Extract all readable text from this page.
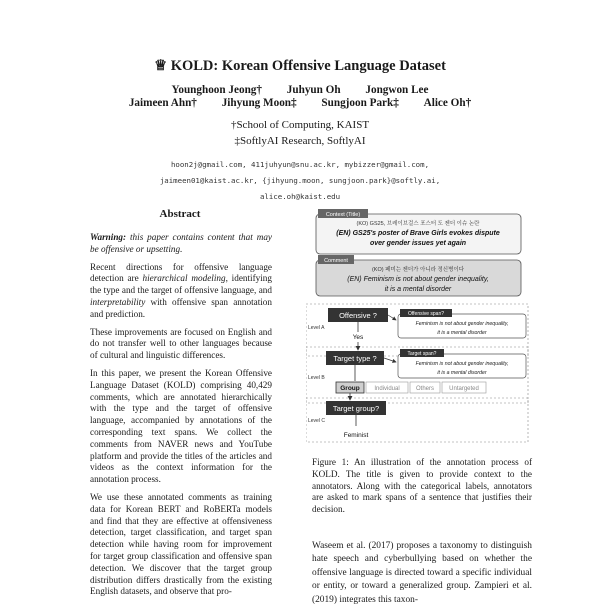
♕ KOLD: Korean Offensive Language Dataset
Younghoon Jeong† Juhyun Oh Jongwon Lee
Jaimeen Ahn† Jihyung Moon‡ Sungjoon Park‡ Alice Oh†
†School of Computing, KAIST
‡SoftlyAI Research, SoftlyAI
hoon2j@gmail.com, 411juhyun@snu.ac.kr, mybizzer@gmail.com,
jaimeen01@kaist.ac.kr, {jihyung.moon, sungjoon.park}@softly.ai,
alice.oh@kaist.edu
Abstract

Warning: this paper contains content that may be offensive or upsetting.

Recent directions for offensive language detection are hierarchical modeling, identifying the type and the target of offensive language, and interpretability with offensive span annotation and prediction.

These improvements are focused on English and do not transfer well to other languages because of cultural and linguistic differences.

In this paper, we present the Korean Offensive Language Dataset (KOLD) comprising 40,429 comments, which are annotated hierarchically with the type and the target of offensive language, accompanied by annotations of the corresponding text spans. We collect the comments from NAVER news and YouTube platform and provide the titles of the articles and videos as the context information for the annotation process.

We use these annotated comments as training data for Korean BERT and RoBERTa models and find that they are effective at offensiveness detection, target classification, and target span detection while having room for improvement for target group classification and offensive span detection. We discover that the target group distribution differs drastically from the existing English datasets, and observe that pro-

Context (Title)
(KO) GS25, 브레이브걸스 포스터 도 젠더 이슈 논란
(EN) GS25's poster of Brave Girls evokes dispute
over gender issues yet again
Comment
(KO) 페미는 젠더가 아니라 정신병이다
(EN) Feminism is not about gender inequality,
it is a mental disorder
Level A
Offensive ?
Yes
Offensive span?
Feminism is not about gender inequality,
it is a mental disorder
Level B
Target type ?	Target span?
Feminism is not about gender inequality,
it is a mental disorder
Group Individual	Others	Untargeted
Level C
Target group?
Feminist
Figure 1: An illustration of the annotation process of KOLD. The title is given to provide context to the annotators. Along with the categorical labels, annotators are asked to mark spans of a sentence that justifies their decision.
Waseem et al. (2017) proposes a taxonomy to distinguish hate speech and cyberbullying based on whether the offensive language is directed toward a specific individual or entity, or toward a generalized group. Zampieri et al. (2019) integrates this taxon-
